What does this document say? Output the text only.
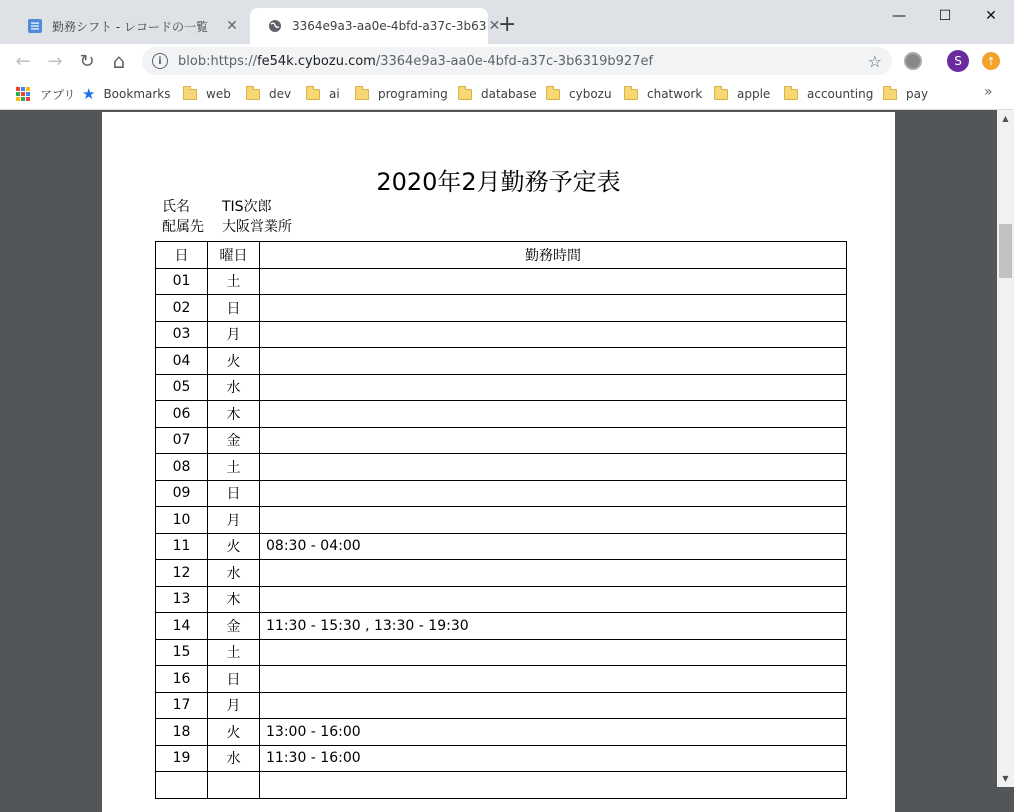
勤務シフト - レコードの一覧	✕	3364e9a3-aa0e-4bfd-a37c-3b63 ✕
+	—	☐	✕
← → ↻ ⌂	i	blob:https://fe54k.cybozu.com/3364e9a3-aa0e-4bfd-a37c-3b6319b927ef	☆	S	↑
アプリ ★ Bookmarks	web	dev	ai	programing	database	cybozu	chatwork	apple	accounting	pay	»
2020年2月勤務予定表
氏名 TIS次郎
配属先 大阪営業所
日	曜日	勤務時間
01	土	
02	日	
03	月	
04	火	
05	水	
06	木	
07	金	
08	土	
09	日	
10	月	
11	火	08:30 - 04:00
12	水	
13	木	
14	金	11:30 - 15:30 , 13:30 - 19:30
15	土	
16	日	
17	月	
18	火	13:00 - 16:00
19	水	11:30 - 16:00

▲
▼
